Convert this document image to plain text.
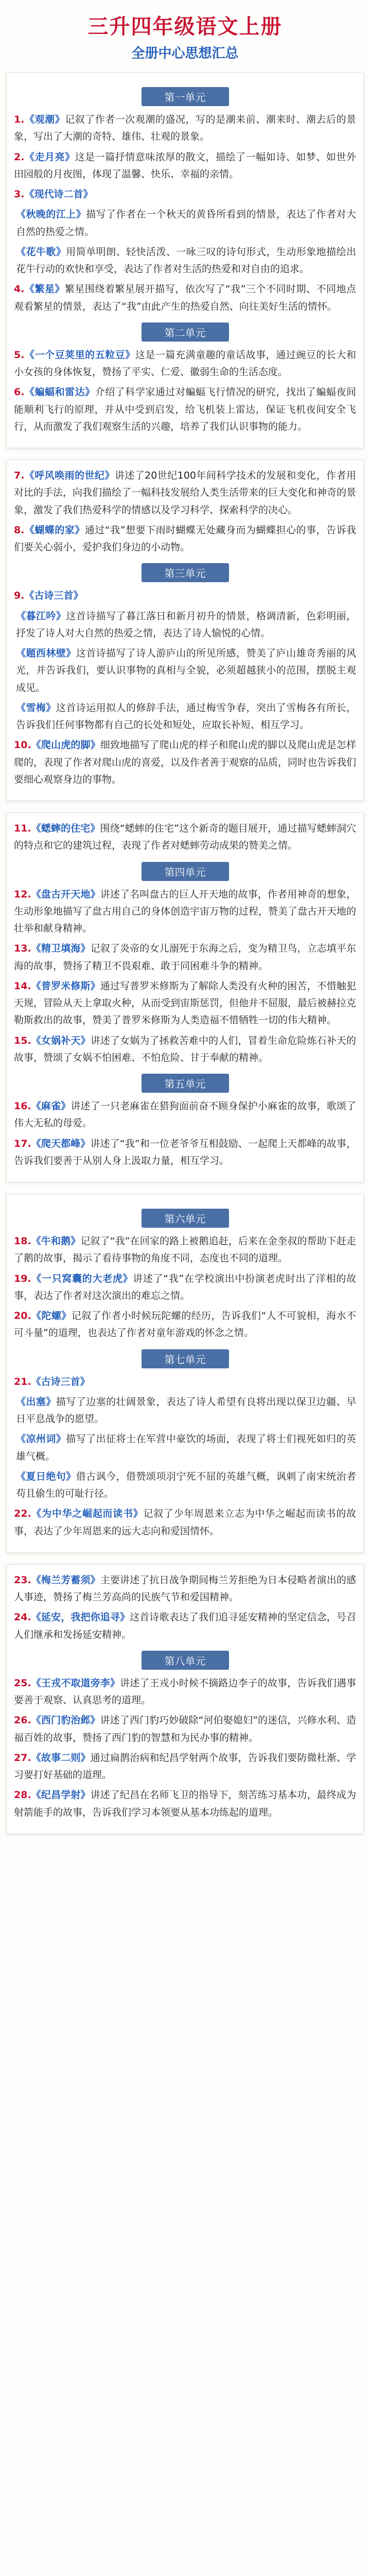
三升四年级语文上册
全册中心思想汇总
第一单元

1.《观潮》记叙了作者一次观潮的盛况，写的是潮来前、潮来时、潮去后的景象，写出了大潮的奇特、雄伟、壮观的景象。

2.《走月亮》这是一篇抒情意味浓厚的散文，描绘了一幅如诗、如梦、如世外田园般的月夜图，体现了温馨、快乐、幸福的亲情。

3.《现代诗二首》

《秋晚的江上》描写了作者在一个秋天的黄昏所看到的情景，表达了作者对大自然的热爱之情。

《花牛歌》用简单明朗、轻快活泼、一咏三叹的诗句形式，生动形象地描绘出花牛行动的欢快和享受，表达了作者对生活的热爱和对自由的追求。

4.《繁星》繁星围绕着繁星展开描写，依次写了“我”三个不同时期、不同地点观看繁星的情景，表达了“我”由此产生的热爱自然、向往美好生活的情怀。

第二单元

5.《一个豆荚里的五粒豆》这是一篇充满童趣的童话故事，通过豌豆的长大和小女孩的身体恢复，赞扬了平实、仁爱、徽弱生命的生活态度。

6.《蝙蝠和雷达》介绍了科学家通过对蝙蝠飞行情况的研究，找出了蝙蝠夜间能顺利飞行的原理，并从中受到启发，给飞机装上雷达，保证飞机夜间安全飞行，从而激发了我们观察生活的兴趣，培养了我们认识事物的能力。

7.《呼风唤雨的世纪》讲述了20世纪100年间科学技术的发展和变化，作者用对比的手法，向我们描绘了一幅科技发展给人类生活带来的巨大变化和神奇的景象，激发了我们热爱科学的情感以及学习科学、探索科学的决心。

8.《蝴蝶的家》通过“我”想要下雨时蝴蝶无处藏身而为蝴蝶担心的事，告诉我们要关心弱小，爱护我们身边的小动物。

第三单元

9.《古诗三首》

《暮江吟》这首诗描写了暮江落日和新月初升的情景，格调清新，色彩明丽，抒发了诗人对大自然的热爱之情，表达了诗人愉悦的心情。

《题西林壁》这首诗描写了诗人游庐山的所见所感，赞美了庐山雄奇秀丽的风光，并告诉我们，要认识事物的真相与全貌，必须超越狭小的范围，摆脱主观成见。

《雪梅》这首诗运用拟人的修辞手法，通过梅雪争春，突出了雪梅各有所长，告诉我们任何事物都有自己的长处和短处，应取长补短、相互学习。

10.《爬山虎的脚》细致地描写了爬山虎的样子和爬山虎的脚以及爬山虎是怎样爬的，表现了作者对爬山虎的喜爱，以及作者善于观察的品质，同时也告诉我们要细心观察身边的事物。

11.《蟋蟀的住宅》围绕“蟋蟀的住宅”这个新奇的题目展开，通过描写蟋蟀洞穴的特点和它的建筑过程，表现了作者对蟋蟀劳动成果的赞美之情。

第四单元

12.《盘古开天地》讲述了名叫盘古的巨人开天地的故事，作者用神奇的想象，生动形象地描写了盘古用自己的身体创造宇宙万物的过程，赞美了盘古开天地的壮举和献身精神。

13.《精卫填海》记叙了炎帝的女儿溺死于东海之后，变为精卫鸟，立志填平东海的故事，赞扬了精卫不畏艰难、敢于同困难斗争的精神。

14.《普罗米修斯》通过写普罗米修斯为了解除人类没有火种的困苦，不惜触犯天规，冒险从天上拿取火种，从而受到宙斯惩罚，但他并不屈服，最后被赫拉克勒斯救出的故事，赞美了普罗米修斯为人类造福不惜牺牲一切的伟大精神。

15.《女娲补天》讲述了女娲为了拯救苦难中的人们，冒着生命危险炼石补天的故事，赞颂了女娲不怕困难、不怕危险、甘于奉献的精神。

第五单元

16.《麻雀》讲述了一只老麻雀在猎狗面前奋不顾身保护小麻雀的故事，歌颂了伟大无私的母爱。

17.《爬天都峰》讲述了“我”和一位老爷爷互相鼓励、一起爬上天都峰的故事，告诉我们要善于从别人身上汲取力量，相互学习。

第六单元

18.《牛和鹅》记叙了“我”在回家的路上被鹅追赶，后来在金奎叔的帮助下赶走了鹅的故事，揭示了看待事物的角度不同，态度也不同的道理。

19.《一只窝囊的大老虎》讲述了“我”在学校演出中扮演老虎时出了洋相的故事，表达了作者对这次演出的难忘之情。

20.《陀螺》记叙了作者小时候玩陀螺的经历，告诉我们“人不可貌相，海水不可斗量”的道理，也表达了作者对童年游戏的怀念之情。

第七单元

21.《古诗三首》

《出塞》描写了边塞的壮阔景象，表达了诗人希望有良将出现以保卫边疆、早日平息战争的愿望。

《凉州词》描写了出征将士在军营中豪饮的场面，表现了将士们视死如归的英雄气概。

《夏日绝句》借古讽今，借赞颂项羽宁死不屈的英雄气概，讽刺了南宋统治者苟且偷生的可耻行径。

22.《为中华之崛起而读书》记叙了少年周恩来立志为中华之崛起而读书的故事，表达了少年周恩来的远大志向和爱国情怀。

23.《梅兰芳蓄须》主要讲述了抗日战争期间梅兰芳拒绝为日本侵略者演出的感人事迹，赞扬了梅兰芳高尚的民族气节和爱国精神。

24.《延安，我把你追寻》这首诗歌表达了我们追寻延安精神的坚定信念，号召人们继承和发扬延安精神。

第八单元

25.《王戎不取道旁李》讲述了王戎小时候不摘路边李子的故事，告诉我们遇事要善于观察、认真思考的道理。

26.《西门豹治邺》讲述了西门豹巧妙破除“河伯娶媳妇”的迷信，兴修水利、造福百姓的故事，赞扬了西门豹的智慧和为民办事的精神。

27.《故事二则》通过扁鹊治病和纪昌学射两个故事，告诉我们要防微杜渐、学习要打好基础的道理。

28.《纪昌学射》讲述了纪昌在名师飞卫的指导下，刻苦练习基本功，最终成为射箭能手的故事，告诉我们学习本领要从基本功练起的道理。
